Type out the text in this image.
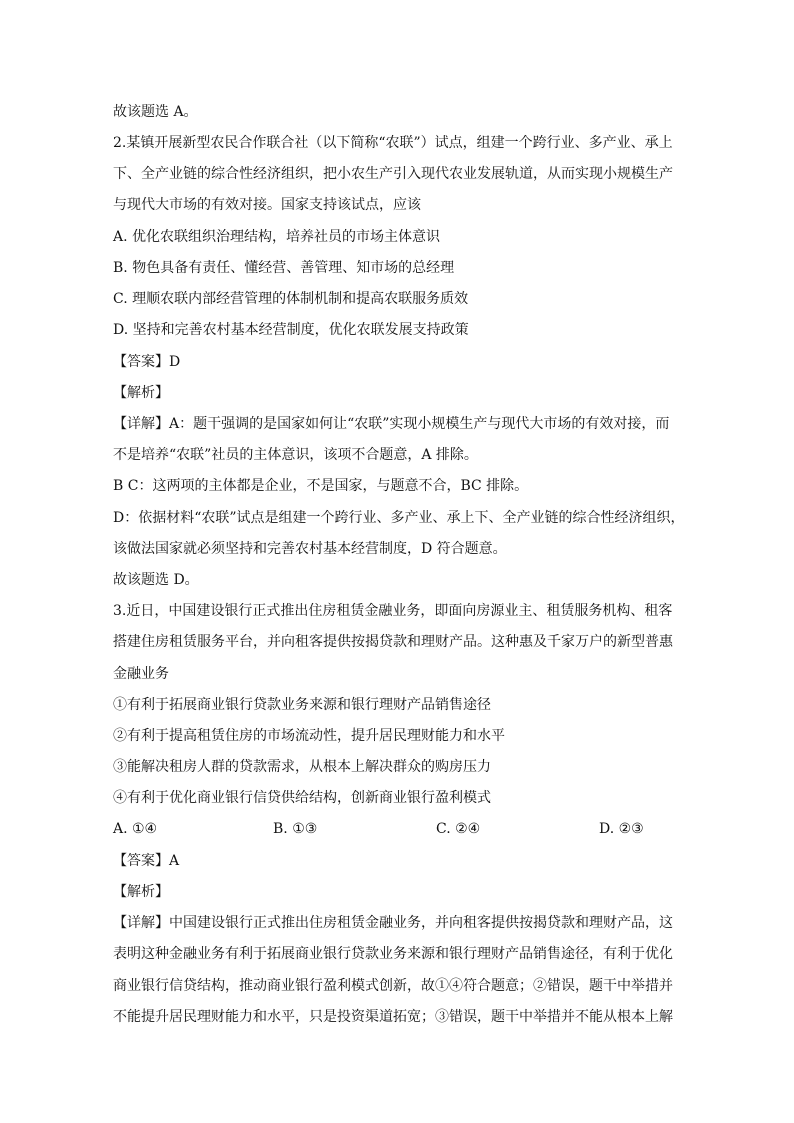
故该题选 A。
2.某镇开展新型农民合作联合社（以下简称“农联”）试点，组建一个跨行业、多产业、承上
下、全产业链的综合性经济组织，把小农生产引入现代农业发展轨道，从而实现小规模生产
与现代大市场的有效对接。国家支持该试点，应该
A. 优化农联组织治理结构，培养社员的市场主体意识
B. 物色具备有责任、懂经营、善管理、知市场的总经理
C. 理顺农联内部经营管理的体制机制和提高农联服务质效
D. 坚持和完善农村基本经营制度，优化农联发展支持政策
【答案】D
【解析】
【详解】A：题干强调的是国家如何让“农联”实现小规模生产与现代大市场的有效对接，而
不是培养“农联”社员的主体意识，该项不合题意，A 排除。
B C：这两项的主体都是企业，不是国家，与题意不合，BC 排除。
D：依据材料“农联”试点是组建一个跨行业、多产业、承上下、全产业链的综合性经济组织，
该做法国家就必须坚持和完善农村基本经营制度，D 符合题意。
故该题选 D。
3.近日，中国建设银行正式推出住房租赁金融业务，即面向房源业主、租赁服务机构、租客
搭建住房租赁服务平台，并向租客提供按揭贷款和理财产品。这种惠及千家万户的新型普惠
金融业务
①有利于拓展商业银行贷款业务来源和银行理财产品销售途径
②有利于提高租赁住房的市场流动性，提升居民理财能力和水平
③能解决租房人群的贷款需求，从根本上解决群众的购房压力
④有利于优化商业银行信贷供给结构，创新商业银行盈利模式
A. ①④	B. ①③	C. ②④	D. ②③
【答案】A
【解析】
【详解】中国建设银行正式推出住房租赁金融业务，并向租客提供按揭贷款和理财产品，这
表明这种金融业务有利于拓展商业银行贷款业务来源和银行理财产品销售途径，有利于优化
商业银行信贷结构，推动商业银行盈利模式创新，故①④符合题意；②错误，题干中举措并
不能提升居民理财能力和水平，只是投资渠道拓宽；③错误，题干中举措并不能从根本上解
